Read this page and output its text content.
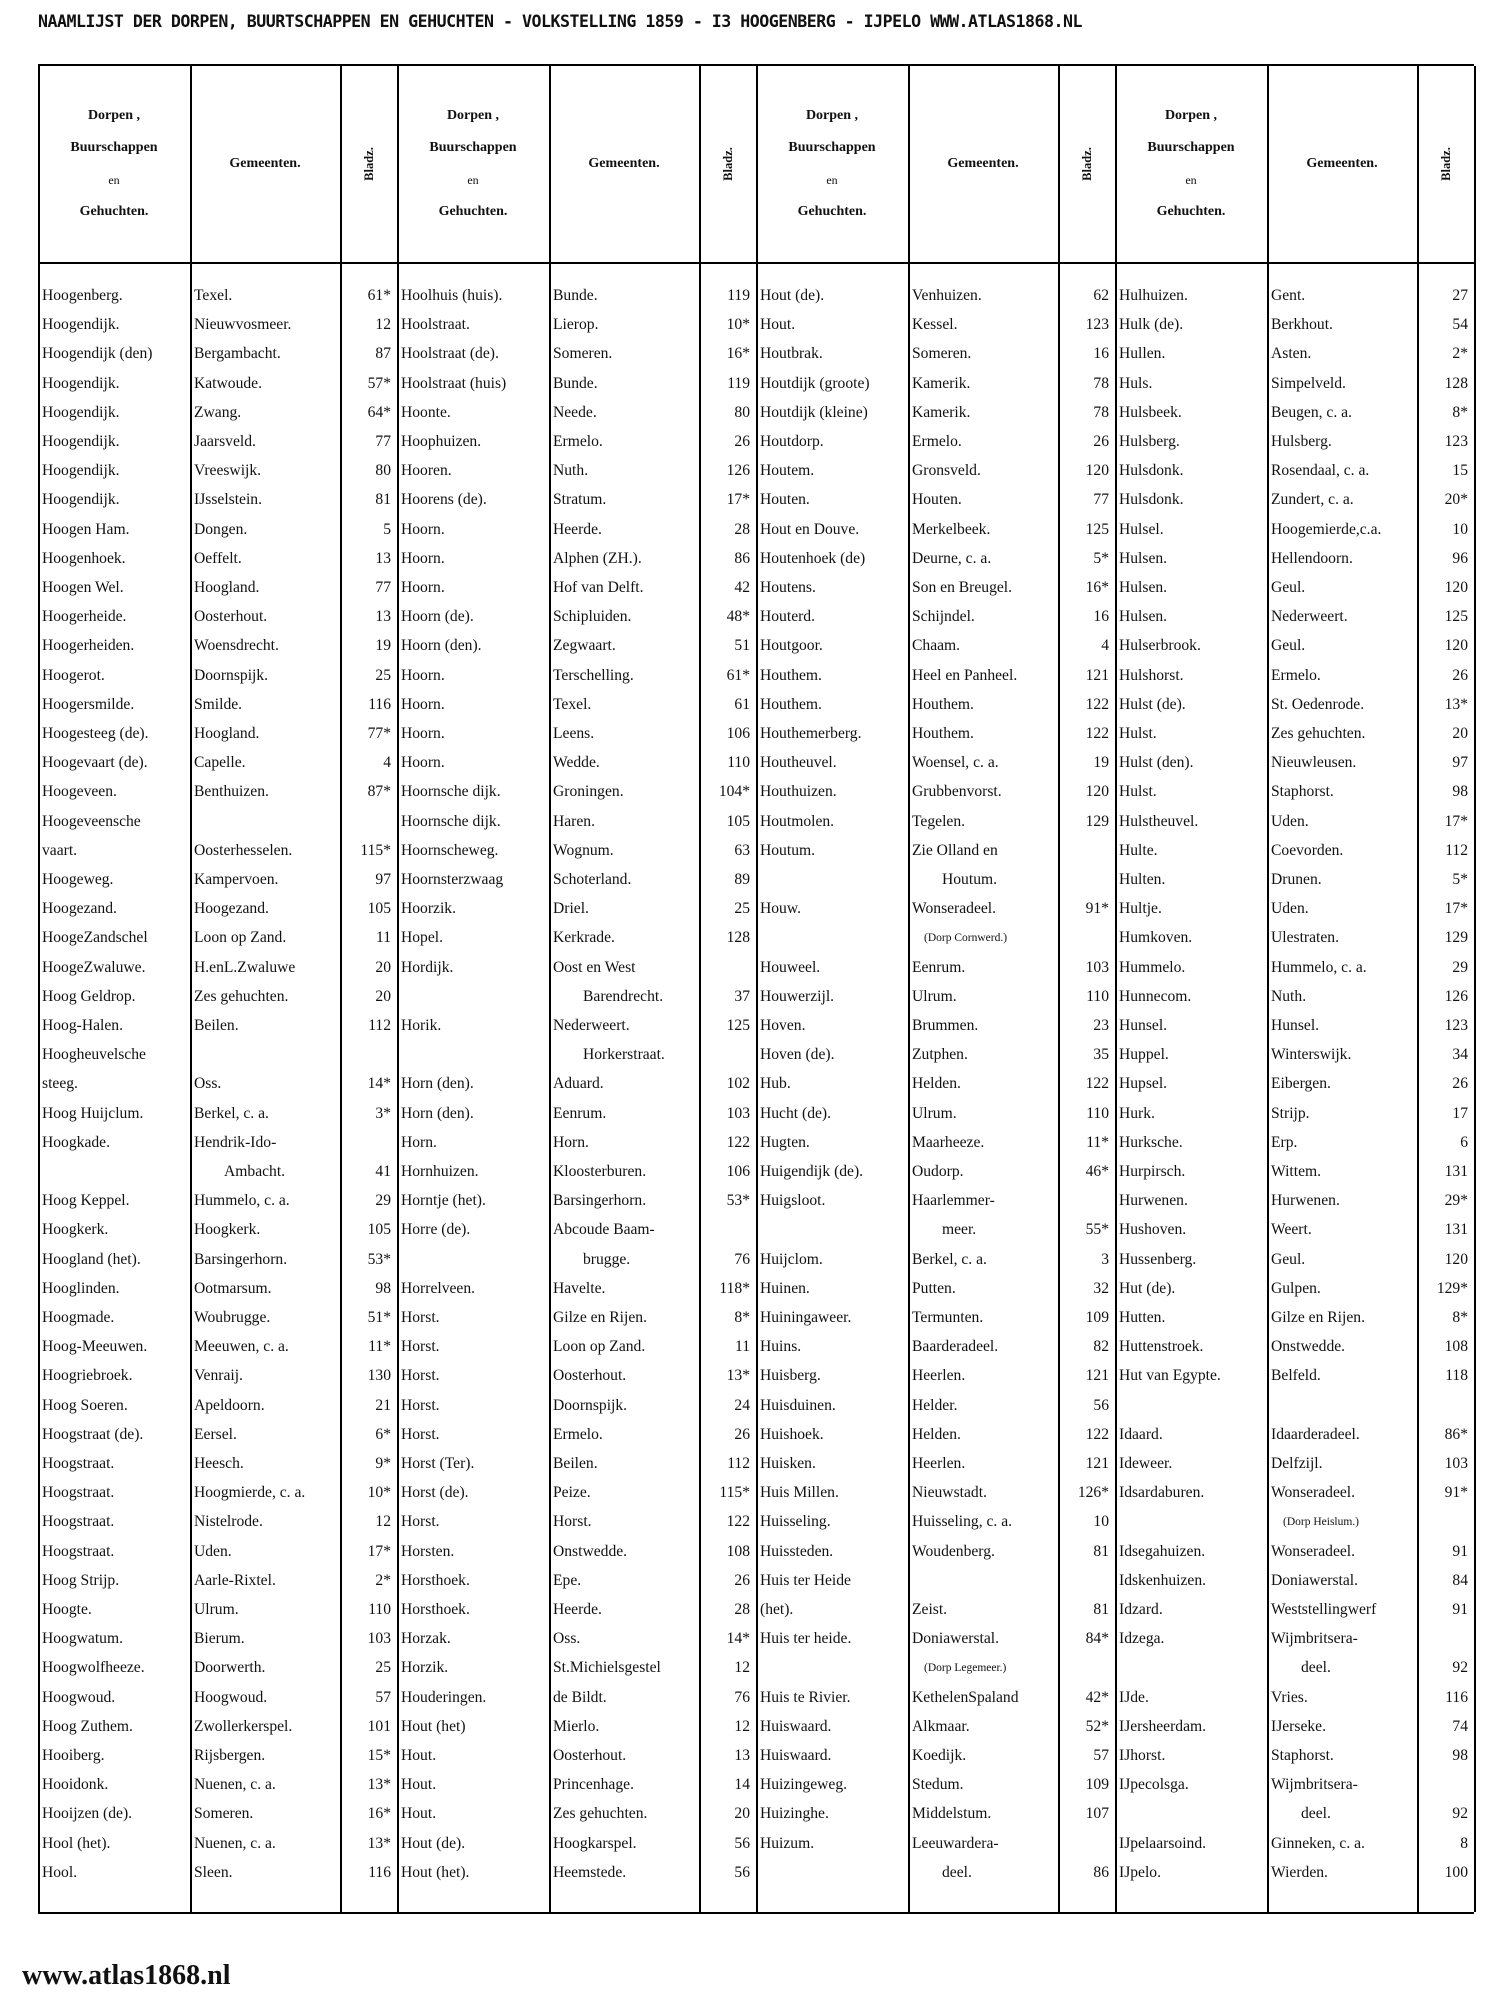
NAAMLIJST DER DORPEN, BUURTSCHAPPEN EN GEHUCHTEN - VOLKSTELLING 1859 - I3 HOOGENBERG - IJPELO WWW.ATLAS1868.NL
Dorpen ,
Buurschappen
en
Gehuchten.
Gemeenten.	Bladz.
Hoogenberg.	Texel.	61*
Hoogendijk.	Nieuwvosmeer.	12
Hoogendijk (den)	Bergambacht.	87
Hoogendijk.	Katwoude.	57*
Hoogendijk.	Zwang.	64*
Hoogendijk.	Jaarsveld.	77
Hoogendijk.	Vreeswijk.	80
Hoogendijk.	IJsselstein.	81
Hoogen Ham.	Dongen.	5
Hoogenhoek.	Oeffelt.	13
Hoogen Wel.	Hoogland.	77
Hoogerheide.	Oosterhout.	13
Hoogerheiden.	Woensdrecht.	19
Hoogerot.	Doornspijk.	25
Hoogersmilde.	Smilde.	116
Hoogesteeg (de).	Hoogland.	77*
Hoogevaart (de).	Capelle.	4
Hoogeveen.	Benthuizen.	87*
Hoogeveensche
vaart.	Oosterhesselen.	115*
Hoogeweg.	Kampervoen.	97
Hoogezand.	Hoogezand.	105
HoogeZandschel	Loon op Zand.	11
HoogeZwaluwe.	H.enL.Zwaluwe	20
Hoog Geldrop.	Zes gehuchten.	20
Hoog-Halen.	Beilen.	112
Hoogheuvelsche
steeg.	Oss.	14*
Hoog Huijclum.	Berkel, c. a.	3*
Hoogkade.	Hendrik-Ido-
Ambacht.	41
Hoog Keppel.	Hummelo, c. a.	29
Hoogkerk.	Hoogkerk.	105
Hoogland (het).	Barsingerhorn.	53*
Hooglinden.	Ootmarsum.	98
Hoogmade.	Woubrugge.	51*
Hoog-Meeuwen.	Meeuwen, c. a.	11*
Hoogriebroek.	Venraij.	130
Hoog Soeren.	Apeldoorn.	21
Hoogstraat (de).	Eersel.	6*
Hoogstraat.	Heesch.	9*
Hoogstraat.	Hoogmierde, c. a.	10*
Hoogstraat.	Nistelrode.	12
Hoogstraat.	Uden.	17*
Hoog Strijp.	Aarle-Rixtel.	2*
Hoogte.	Ulrum.	110
Hoogwatum.	Bierum.	103
Hoogwolfheeze.	Doorwerth.	25
Hoogwoud.	Hoogwoud.	57
Hoog Zuthem.	Zwollerkerspel.	101
Hooiberg.	Rijsbergen.	15*
Hooidonk.	Nuenen, c. a.	13*
Hooijzen (de).	Someren.	16*
Hool (het).	Nuenen, c. a.	13*
Hool.	Sleen.	116
Dorpen ,
Buurschappen
en
Gehuchten.
Gemeenten.	Bladz.
Hoolhuis (huis).	Bunde.	119
Hoolstraat.	Lierop.	10*
Hoolstraat (de).	Someren.	16*
Hoolstraat (huis)	Bunde.	119
Hoonte.	Neede.	80
Hoophuizen.	Ermelo.	26
Hooren.	Nuth.	126
Hoorens (de).	Stratum.	17*
Hoorn.	Heerde.	28
Hoorn.	Alphen (ZH.).	86
Hoorn.	Hof van Delft.	42
Hoorn (de).	Schipluiden.	48*
Hoorn (den).	Zegwaart.	51
Hoorn.	Terschelling.	61*
Hoorn.	Texel.	61
Hoorn.	Leens.	106
Hoorn.	Wedde.	110
Hoornsche dijk.	Groningen.	104*
Hoornsche dijk.	Haren.	105
Hoornscheweg.	Wognum.	63
Hoornsterzwaag	Schoterland.	89
Hoorzik.	Driel.	25
Hopel.	Kerkrade.	128
Hordijk.	Oost en West
Barendrecht.	37
Horik.	Nederweert.	125
Horkerstraat.
Horn (den).	Aduard.	102
Horn (den).	Eenrum.	103
Horn.	Horn.	122
Hornhuizen.	Kloosterburen.	106
Horntje (het).	Barsingerhorn.	53*
Horre (de).	Abcoude Baam-
brugge.	76
Horrelveen.	Havelte.	118*
Horst.	Gilze en Rijen.	8*
Horst.	Loon op Zand.	11
Horst.	Oosterhout.	13*
Horst.	Doornspijk.	24
Horst.	Ermelo.	26
Horst (Ter).	Beilen.	112
Horst (de).	Peize.	115*
Horst.	Horst.	122
Horsten.	Onstwedde.	108
Horsthoek.	Epe.	26
Horsthoek.	Heerde.	28
Horzak.	Oss.	14*
Horzik.	St.Michielsgestel	12
Houderingen.	de Bildt.	76
Hout (het)	Mierlo.	12
Hout.	Oosterhout.	13
Hout.	Princenhage.	14
Hout.	Zes gehuchten.	20
Hout (de).	Hoogkarspel.	56
Hout (het).	Heemstede.	56
Dorpen ,
Buurschappen
en
Gehuchten.
Gemeenten.	Bladz.
Hout (de).	Venhuizen.	62
Hout.	Kessel.	123
Houtbrak.	Someren.	16
Houtdijk (groote)	Kamerik.	78
Houtdijk (kleine)	Kamerik.	78
Houtdorp.	Ermelo.	26
Houtem.	Gronsveld.	120
Houten.	Houten.	77
Hout en Douve.	Merkelbeek.	125
Houtenhoek (de)	Deurne, c. a.	5*
Houtens.	Son en Breugel.	16*
Houterd.	Schijndel.	16
Houtgoor.	Chaam.	4
Houthem.	Heel en Panheel.	121
Houthem.	Houthem.	122
Houthemerberg.	Houthem.	122
Houtheuvel.	Woensel, c. a.	19
Houthuizen.	Grubbenvorst.	120
Houtmolen.	Tegelen.	129
Houtum.	Zie Olland en
Houtum.
Houw.	Wonseradeel.	91*
(Dorp Cornwerd.)
Houweel.	Eenrum.	103
Houwerzijl.	Ulrum.	110
Hoven.	Brummen.	23
Hoven (de).	Zutphen.	35
Hub.	Helden.	122
Hucht (de).	Ulrum.	110
Hugten.	Maarheeze.	11*
Huigendijk (de).	Oudorp.	46*
Huigsloot.	Haarlemmer-
meer.	55*
Huijclom.	Berkel, c. a.	3
Huinen.	Putten.	32
Huiningaweer.	Termunten.	109
Huins.	Baarderadeel.	82
Huisberg.	Heerlen.	121
Huisduinen.	Helder.	56
Huishoek.	Helden.	122
Huisken.	Heerlen.	121
Huis Millen.	Nieuwstadt.	126*
Huisseling.	Huisseling, c. a.	10
Huissteden.	Woudenberg.	81
Huis ter Heide
(het).	Zeist.	81
Huis ter heide.	Doniawerstal.	84*
(Dorp Legemeer.)
Huis te Rivier.	KethelenSpaland	42*
Huiswaard.	Alkmaar.	52*
Huiswaard.	Koedijk.	57
Huizingeweg.	Stedum.	109
Huizinghe.	Middelstum.	107
Huizum.	Leeuwardera-
deel.	86
Dorpen ,
Buurschappen
en
Gehuchten.
Gemeenten.	Bladz.
Hulhuizen.	Gent.	27
Hulk (de).	Berkhout.	54
Hullen.	Asten.	2*
Huls.	Simpelveld.	128
Hulsbeek.	Beugen, c. a.	8*
Hulsberg.	Hulsberg.	123
Hulsdonk.	Rosendaal, c. a.	15
Hulsdonk.	Zundert, c. a.	20*
Hulsel.	Hoogemierde,c.a.	10
Hulsen.	Hellendoorn.	96
Hulsen.	Geul.	120
Hulsen.	Nederweert.	125
Hulserbrook.	Geul.	120
Hulshorst.	Ermelo.	26
Hulst (de).	St. Oedenrode.	13*
Hulst.	Zes gehuchten.	20
Hulst (den).	Nieuwleusen.	97
Hulst.	Staphorst.	98
Hulstheuvel.	Uden.	17*
Hulte.	Coevorden.	112
Hulten.	Drunen.	5*
Hultje.	Uden.	17*
Humkoven.	Ulestraten.	129
Hummelo.	Hummelo, c. a.	29
Hunnecom.	Nuth.	126
Hunsel.	Hunsel.	123
Huppel.	Winterswijk.	34
Hupsel.	Eibergen.	26
Hurk.	Strijp.	17
Hurksche.	Erp.	6
Hurpirsch.	Wittem.	131
Hurwenen.	Hurwenen.	29*
Hushoven.	Weert.	131
Hussenberg.	Geul.	120
Hut (de).	Gulpen.	129*
Hutten.	Gilze en Rijen.	8*
Huttenstroek.	Onstwedde.	108
Hut van Egypte.	Belfeld.	118
Idaard.	Idaarderadeel.	86*
Ideweer.	Delfzijl.	103
Idsardaburen.	Wonseradeel.	91*
(Dorp Heislum.)
Idsegahuizen.	Wonseradeel.	91
Idskenhuizen.	Doniawerstal.	84
Idzard.	Weststellingwerf	91
Idzega.	Wijmbritsera-
deel.	92
IJde.	Vries.	116
IJersheerdam.	IJerseke.	74
IJhorst.	Staphorst.	98
IJpecolsga.	Wijmbritsera-
deel.	92
IJpelaarsoind.	Ginneken, c. a.	8
IJpelo.	Wierden.	100
www.atlas1868.nl
